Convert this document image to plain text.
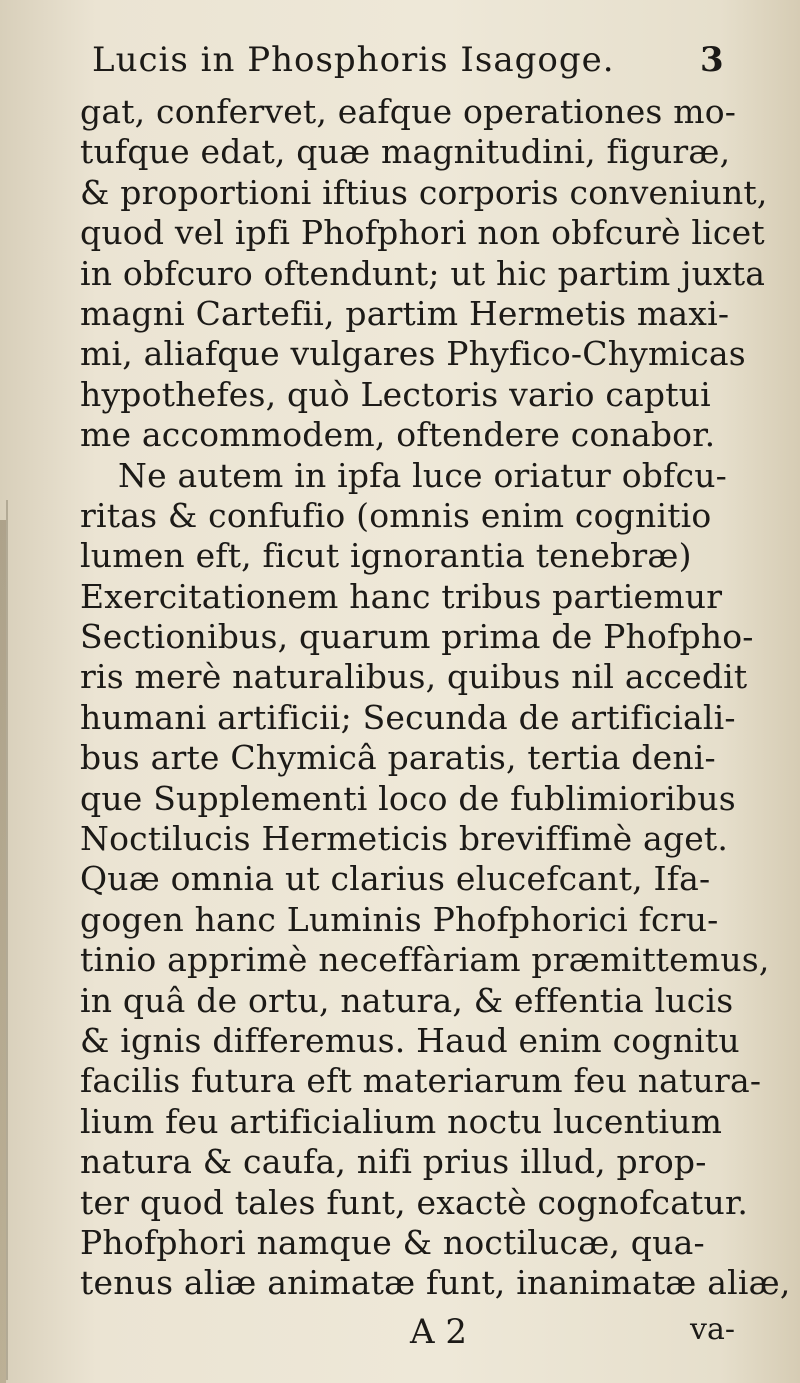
Lucis in Phosphoris Isagoge.	3
gat, confervet, eafque operationes mo-
tufque edat, quæ magnitudini, figuræ,
& proportioni iftius corporis conveniunt,
quod vel ipfi Phofphori non obfcurè licet
in obfcuro oftendunt; ut hic partim juxta
magni Cartefii, partim Hermetis maxi-
mi, aliafque vulgares Phyfico-Chymicas
hypothefes, quò Lectoris vario captui
me accommodem, oftendere conabor.
Ne autem in ipfa luce oriatur obfcu-
ritas & confufio (omnis enim cognitio
lumen eft, ficut ignorantia tenebræ)
Exercitationem hanc tribus partiemur
Sectionibus, quarum prima de Phofpho-
ris merè naturalibus, quibus nil accedit
humani artificii; Secunda de artificiali-
bus arte Chymicâ paratis, tertia deni-
que Supplementi loco de fublimioribus
Noctilucis Hermeticis breviffimè aget.
Quæ omnia ut clarius elucefcant, Ifa-
gogen hanc Luminis Phofphorici fcru-
tinio apprimè neceffàriam præmittemus,
in quâ de ortu, natura, & effentia lucis
& ignis differemus. Haud enim cognitu
facilis futura eft materiarum feu natura-
lium feu artificialium noctu lucentium
natura & caufa, nifi prius illud, prop-
ter quod tales funt, exactè cognofcatur.
Phofphori namque & noctilucæ, qua-
tenus aliæ animatæ funt, inanimatæ aliæ,
A 2	va-
